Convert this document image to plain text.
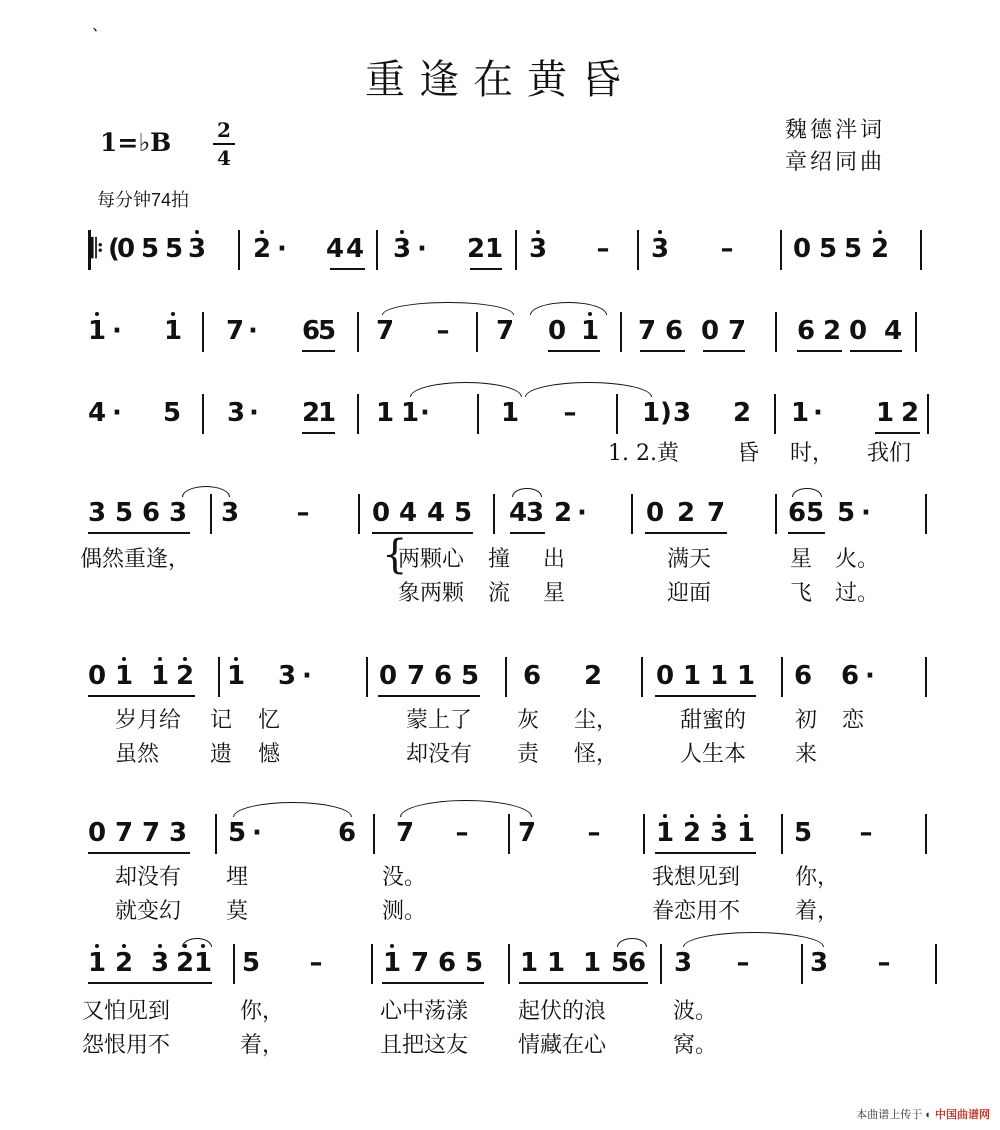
、
重逢在黄昏
1=♭B 2
4
魏德泮词
章绍同曲
每分钟74拍
𝄆 (
0 5 5 3 2 · 4 4 3 · 2 1 3 – 3 – 0 5 5 2
1 · 1 7 · 6
5 7 – 7 0 1 7 6 0 7 6 2 0 4
4 · 5 3 · 2
1 1 1 ·	1 –	1 ) 3 2 1 · 1 2
1. 2.黄	昏 时， 我们
3 5 6 3 3 – 0 4 4 5 4
3 2 · 0 2 7 6 5 5 ·
偶然重逢，	两颗心 撞 出	满天	星 火。
象两颗 流 星	迎面	飞 过。
0 1 1 2 1 3 ·	0 7 6 5 6 2 0 1 1 1 6 6 ·
岁月给 记 忆	蒙上了 灰 尘，	甜蜜的 初 恋
虽然 遗 憾	却没有 责 怪，	人生本 来
0 7 7 3 5 ·	6 7 – 7 – 1 2 3 1 5 –
却没有 埋	没。	我想见到 你，
就变幻 莫	测。	眷恋用不 着，
1 2 3 2 1 5 – 1 7 6 5 1 1 1 5
6 3 – 3 –
又怕见到	你，	心中荡漾 起伏的浪	波。
怨恨用不	着，	且把这友 情藏在心	窝。
{
本曲谱上传于 ◐ 中国曲谱网
